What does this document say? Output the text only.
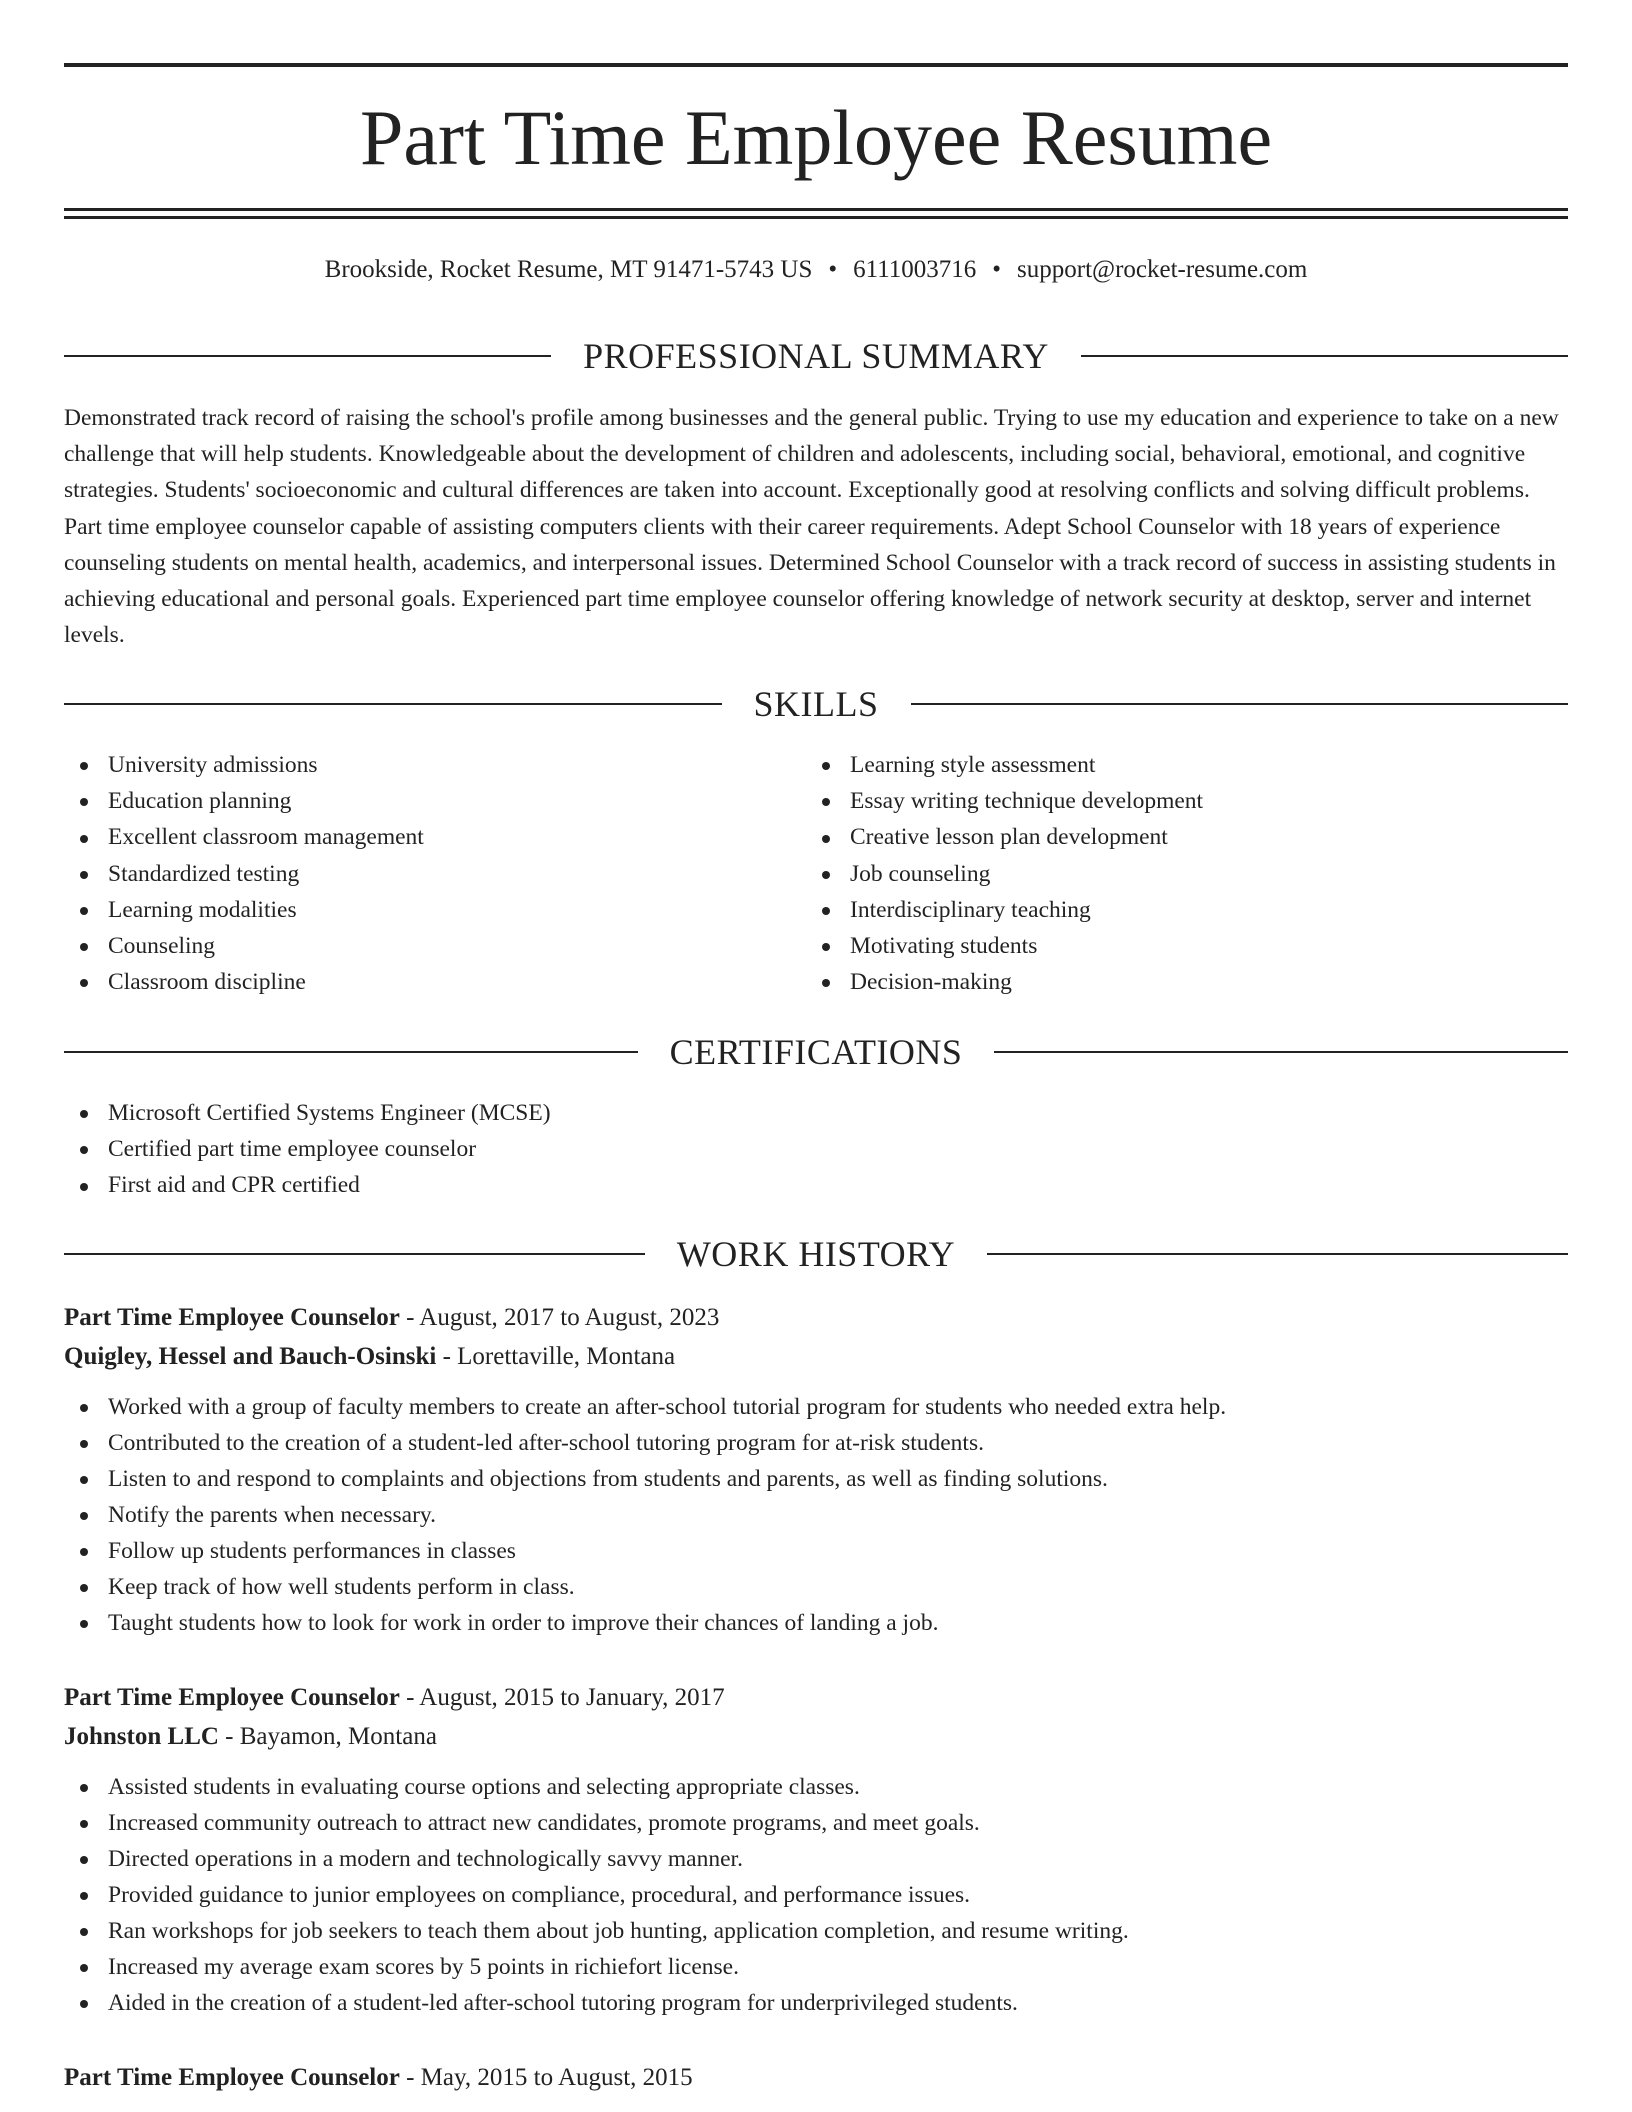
Part Time Employee Resume
Brookside, Rocket Resume, MT 91471-5743 US • 6111003716 • support@rocket-resume.com
PROFESSIONAL SUMMARY

Demonstrated track record of raising the school's profile among businesses and the general public. Trying to use my education and experience to take on a new challenge that will help students. Knowledgeable about the development of children and adolescents, including social, behavioral, emotional, and cognitive strategies. Students' socioeconomic and cultural differences are taken into account. Exceptionally good at resolving conflicts and solving difficult problems. Part time employee counselor capable of assisting computers clients with their career requirements. Adept School Counselor with 18 years of experience counseling students on mental health, academics, and interpersonal issues. Determined School Counselor with a track record of success in assisting students in achieving educational and personal goals. Experienced part time employee counselor offering knowledge of network security at desktop, server and internet levels.

SKILLS
University admissions
Education planning
Excellent classroom management
Standardized testing
Learning modalities
Counseling
Classroom discipline
Learning style assessment
Essay writing technique development
Creative lesson plan development
Job counseling
Interdisciplinary teaching
Motivating students
Decision-making
CERTIFICATIONS
Microsoft Certified Systems Engineer (MCSE)
Certified part time employee counselor
First aid and CPR certified
WORK HISTORY
Part Time Employee Counselor - August, 2017 to August, 2023
Quigley, Hessel and Bauch-Osinski - Lorettaville, Montana
Worked with a group of faculty members to create an after-school tutorial program for students who needed extra help.
Contributed to the creation of a student-led after-school tutoring program for at-risk students.
Listen to and respond to complaints and objections from students and parents, as well as finding solutions.
Notify the parents when necessary.
Follow up students performances in classes
Keep track of how well students perform in class.
Taught students how to look for work in order to improve their chances of landing a job.
Part Time Employee Counselor - August, 2015 to January, 2017
Johnston LLC - Bayamon, Montana
Assisted students in evaluating course options and selecting appropriate classes.
Increased community outreach to attract new candidates, promote programs, and meet goals.
Directed operations in a modern and technologically savvy manner.
Provided guidance to junior employees on compliance, procedural, and performance issues.
Ran workshops for job seekers to teach them about job hunting, application completion, and resume writing.
Increased my average exam scores by 5 points in richiefort license.
Aided in the creation of a student-led after-school tutoring program for underprivileged students.
Part Time Employee Counselor - May, 2015 to August, 2015
